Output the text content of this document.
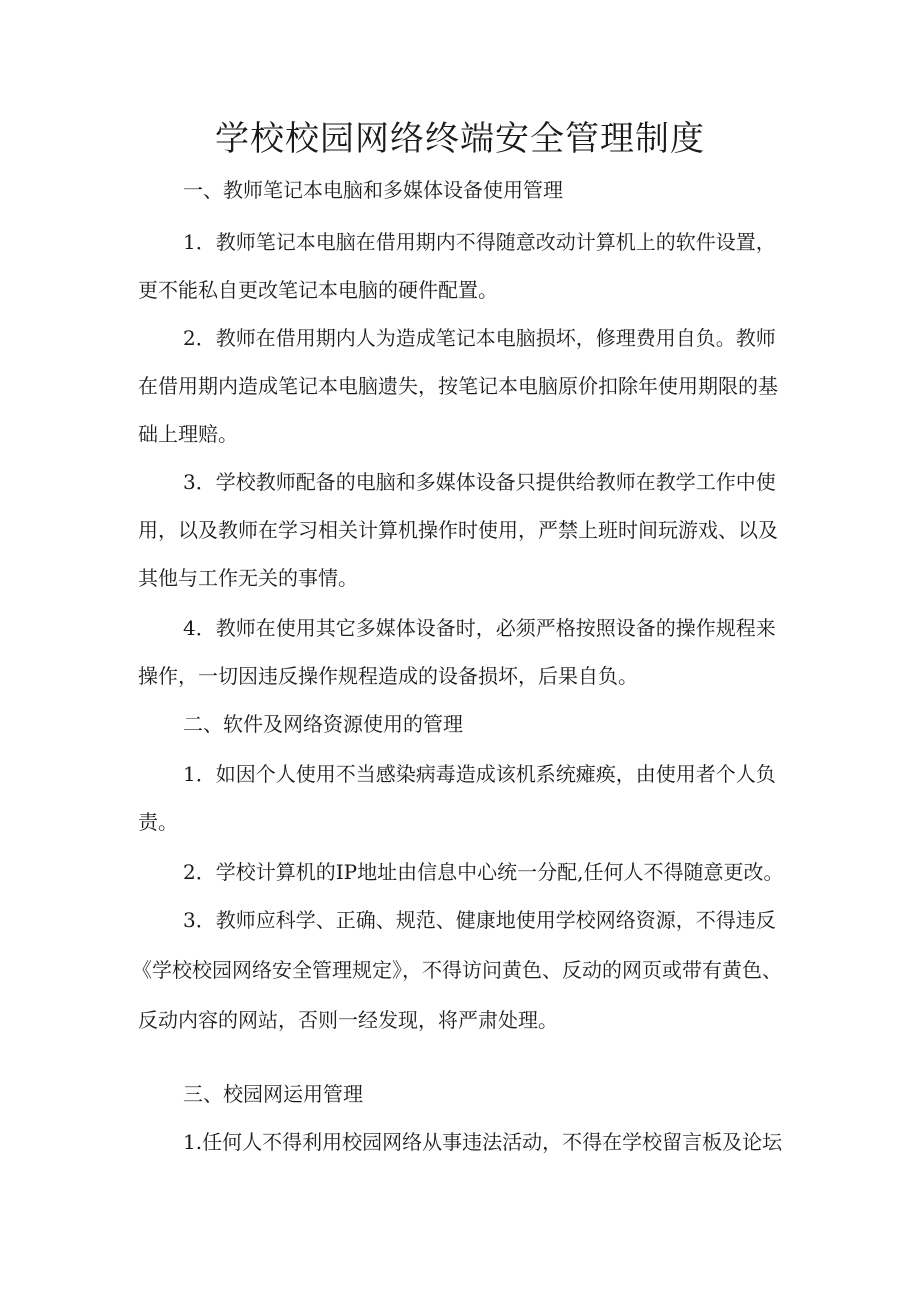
学校校园网络终端安全管理制度
一、教师笔记本电脑和多媒体设备使用管理
1．教师笔记本电脑在借用期内不得随意改动计算机上的软件设置，
更不能私自更改笔记本电脑的硬件配置。
2．教师在借用期内人为造成笔记本电脑损坏，修理费用自负。教师
在借用期内造成笔记本电脑遗失，按笔记本电脑原价扣除年使用期限的基
础上理赔。
3．学校教师配备的电脑和多媒体设备只提供给教师在教学工作中使
用，以及教师在学习相关计算机操作时使用，严禁上班时间玩游戏、以及
其他与工作无关的事情。
4．教师在使用其它多媒体设备时，必须严格按照设备的操作规程来
操作，一切因违反操作规程造成的设备损坏，后果自负。
二、软件及网络资源使用的管理
1．如因个人使用不当感染病毒造成该机系统瘫痪，由使用者个人负
责。
2．学校计算机的IP地址由信息中心统一分配,任何人不得随意更改。
3．教师应科学、正确、规范、健康地使用学校网络资源，不得违反
《学校校园网络安全管理规定》，不得访问黄色、反动的网页或带有黄色、
反动内容的网站，否则一经发现，将严肃处理。
三、校园网运用管理
1.任何人不得利用校园网络从事违法活动，不得在学校留言板及论坛
